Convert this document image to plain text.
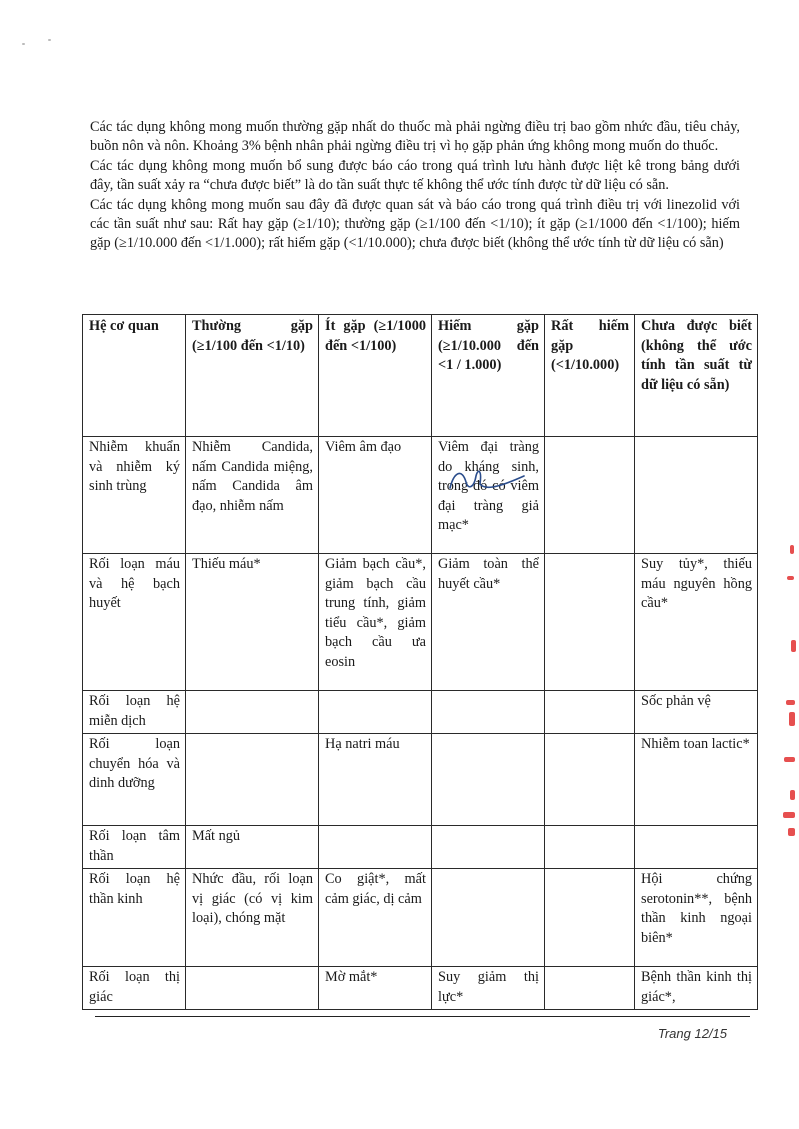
Các tác dụng không mong muốn thường gặp nhất do thuốc mà phải ngừng điều trị bao gồm nhức đầu, tiêu chảy, buồn nôn và nôn. Khoảng 3% bệnh nhân phải ngừng điều trị vì họ gặp phản ứng không mong muốn do thuốc.

Các tác dụng không mong muốn bổ sung được báo cáo trong quá trình lưu hành được liệt kê trong bảng dưới đây, tần suất xảy ra “chưa được biết” là do tần suất thực tế không thể ước tính được từ dữ liệu có sẵn.

Các tác dụng không mong muốn sau đây đã được quan sát và báo cáo trong quá trình điều trị với linezolid với các tần suất như sau: Rất hay gặp (≥1/10); thường gặp (≥1/100 đến <1/10); ít gặp (≥1/1000 đến <1/100); hiếm gặp (≥1/10.000 đến <1/1.000); rất hiếm gặp (<1/10.000); chưa được biết (không thể ước tính từ dữ liệu có sẵn)

Hệ cơ quan	Thường gặp (≥1/100 đến <1/10)	Ít gặp (≥1/1000 đến <1/100)	Hiếm gặp (≥1/10.000 đến <1 / 1.000)	Rất hiếm gặp (<1/10.000)	Chưa được biết (không thể ước tính tần suất từ dữ liệu có sẵn)
Nhiễm khuẩn và nhiễm ký sinh trùng	Nhiễm Candida, nấm Candida miệng, nấm Candida âm đạo, nhiễm nấm	Viêm âm đạo	Viêm đại tràng do kháng sinh, trong đó có viêm đại tràng giả mạc*		
Rối loạn máu và hệ bạch huyết	Thiếu máu*	Giảm bạch cầu*, giảm bạch cầu trung tính, giảm tiểu cầu*, giảm bạch cầu ưa eosin	Giảm toàn thể huyết cầu*		Suy tủy*, thiếu máu nguyên hồng cầu*
Rối loạn hệ miễn dịch					Sốc phản vệ
Rối loạn chuyển hóa và dinh dưỡng		Hạ natri máu			Nhiễm toan lactic*
Rối loạn tâm thần	Mất ngủ				
Rối loạn hệ thần kinh	Nhức đầu, rối loạn vị giác (có vị kim loại), chóng mặt	Co giật*, mất cảm giác, dị cảm			Hội chứng serotonin**, bệnh thần kinh ngoại biên*
Rối loạn thị giác		Mờ mắt*	Suy giảm thị lực*		Bệnh thần kinh thị giác*,
Trang 12/15
